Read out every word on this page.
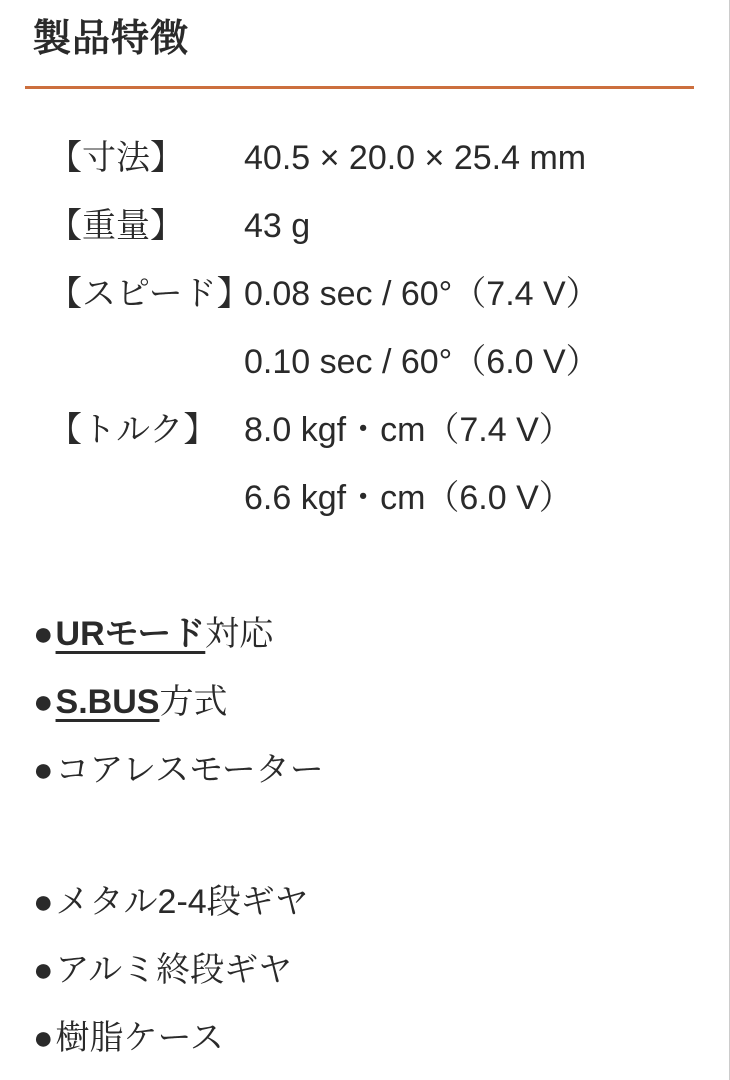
製品特徴
【寸法】	40.5 × 20.0 × 25.4 mm
【重量】	43 g
【スピード】
0.08 sec / 60°（7.4 V）
0.10 sec / 60°（6.0 V）
【トルク】 8.0 kgf・cm（7.4 V）
6.6 kgf・cm（6.0 V）
●URモード対応
●S.BUS方式
●コアレスモーター
●メタル2-4段ギヤ
●アルミ終段ギヤ
●樹脂ケース
